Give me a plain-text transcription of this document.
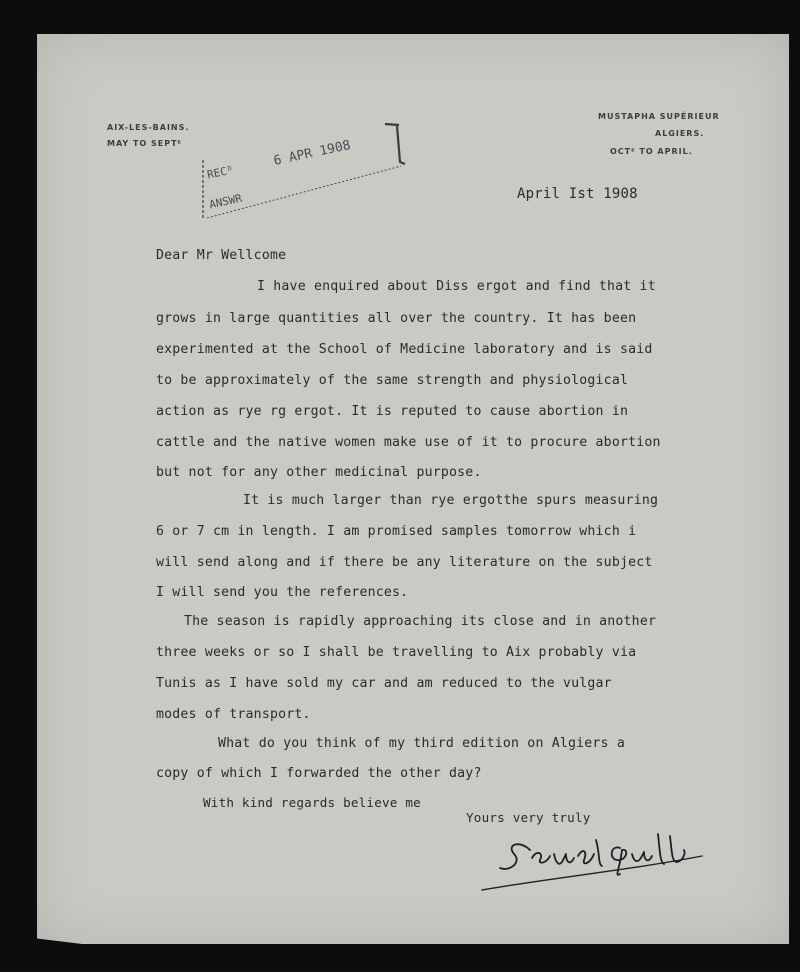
AIX-LES-BAINS.
MAY TO SEPTᴱ
MUSTAPHA SUPÉRIEUR
ALGIERS.
OCTᴱ TO APRIL.
RECᴰ
6 APR 1908
ANSWR	April Ist 1908
Dear Mr Wellcome
I have enquired about Diss ergot and find that it
grows in large quantities all over the country. It has been
experimented at the School of Medicine laboratory and is said
to be approximately of the same strength and physiological
action as rye rg ergot. It is reputed to cause abortion in
cattle and the native women make use of it to procure abortion
but not for any other medicinal purpose.
It is much larger than rye ergotthe spurs measuring
6 or 7 cm in length. I am promised samples tomorrow which i
will send along and if there be any literature on the subject
I will send you the references.
The season is rapidly approaching its close and in another
three weeks or so I shall be travelling to Aix probably via
Tunis as I have sold my car and am reduced to the vulgar
modes of transport.
What do you think of my third edition on Algiers a
copy of which I forwarded the other day?
With kind regards believe me
Yours very truly
